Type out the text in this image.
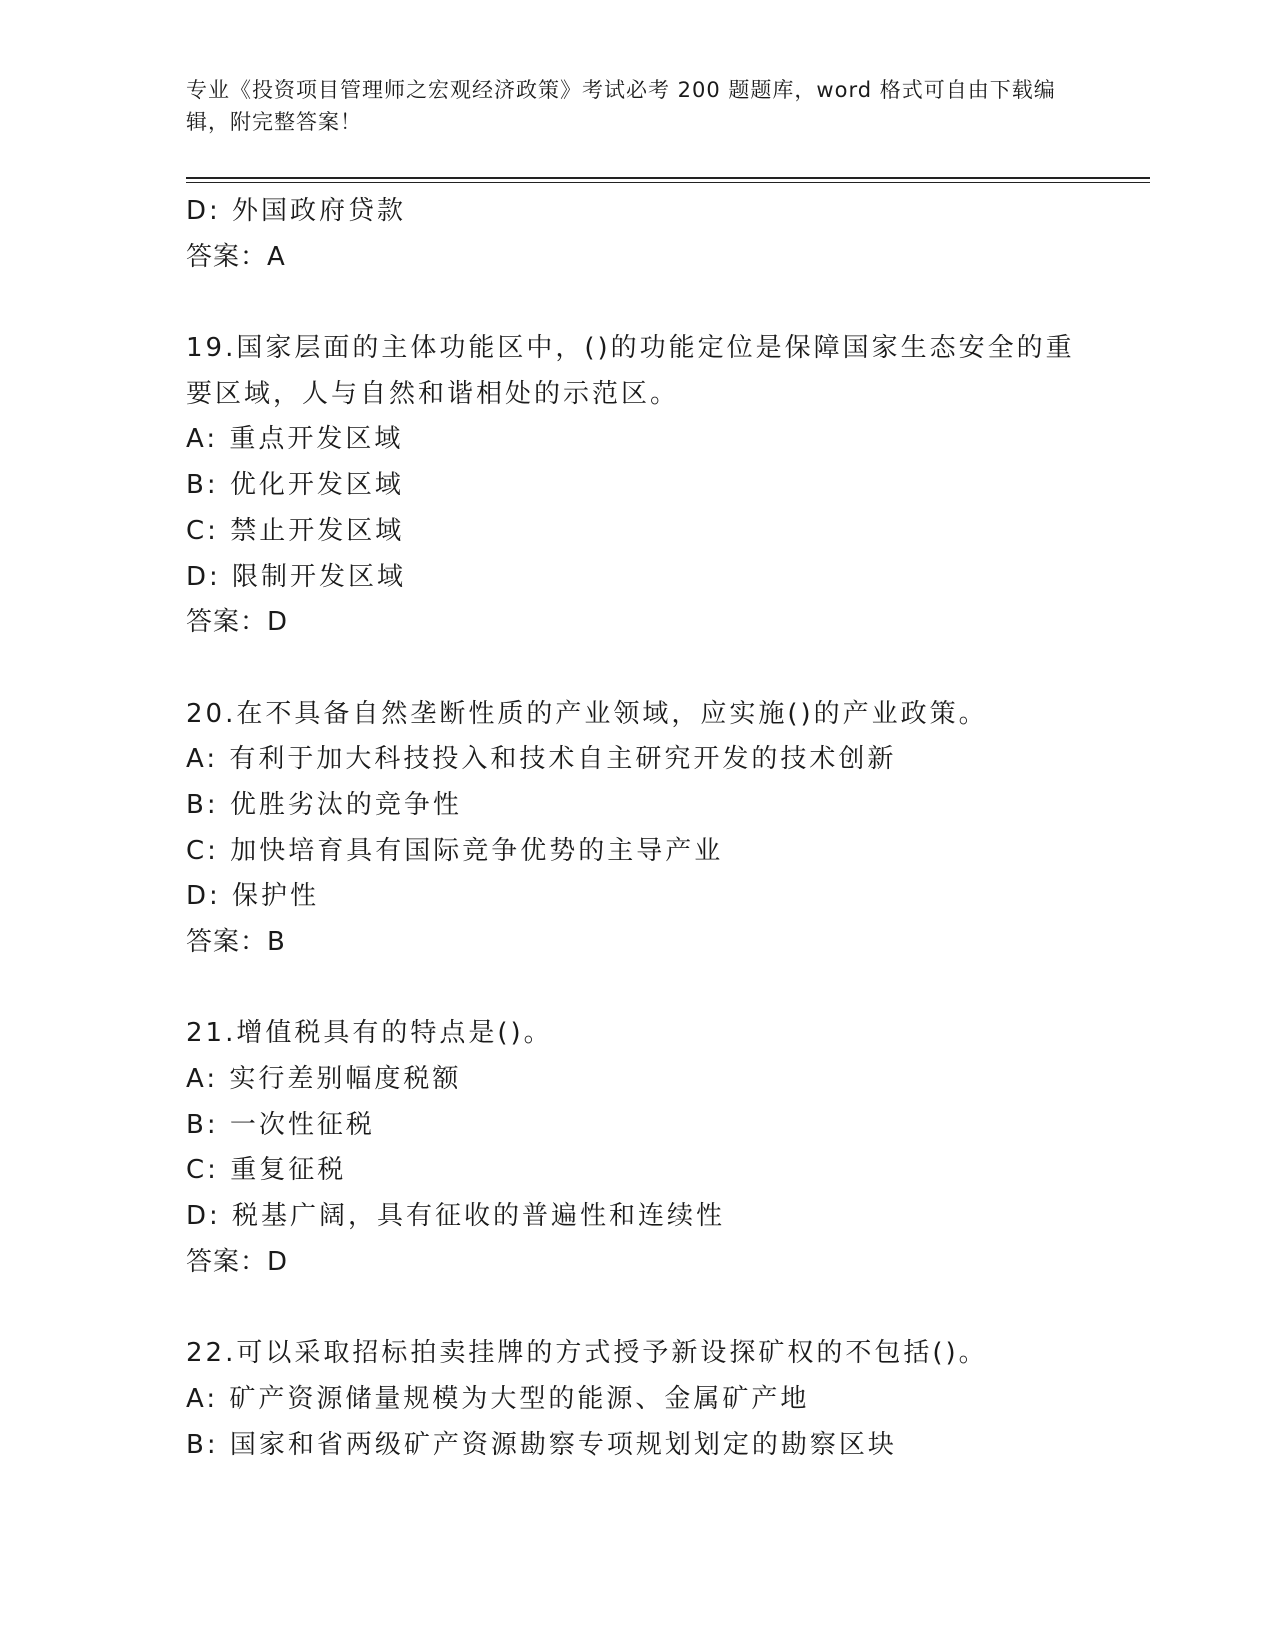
专业《投资项目管理师之宏观经济政策》考试必考 200 题题库，word 格式可自由下载编辑，附完整答案！
D: 外国政府贷款
答案：A
19.国家层面的主体功能区中，()的功能定位是保障国家生态安全的重
要区域，人与自然和谐相处的示范区。
A: 重点开发区域
B: 优化开发区域
C: 禁止开发区域
D: 限制开发区域
答案：D
20.在不具备自然垄断性质的产业领域，应实施()的产业政策。
A: 有利于加大科技投入和技术自主研究开发的技术创新
B: 优胜劣汰的竞争性
C: 加快培育具有国际竞争优势的主导产业
D: 保护性
答案：B
21.增值税具有的特点是()。
A: 实行差别幅度税额
B: 一次性征税
C: 重复征税
D: 税基广阔，具有征收的普遍性和连续性
答案：D
22.可以采取招标拍卖挂牌的方式授予新设探矿权的不包括()。
A: 矿产资源储量规模为大型的能源、金属矿产地
B: 国家和省两级矿产资源勘察专项规划划定的勘察区块
